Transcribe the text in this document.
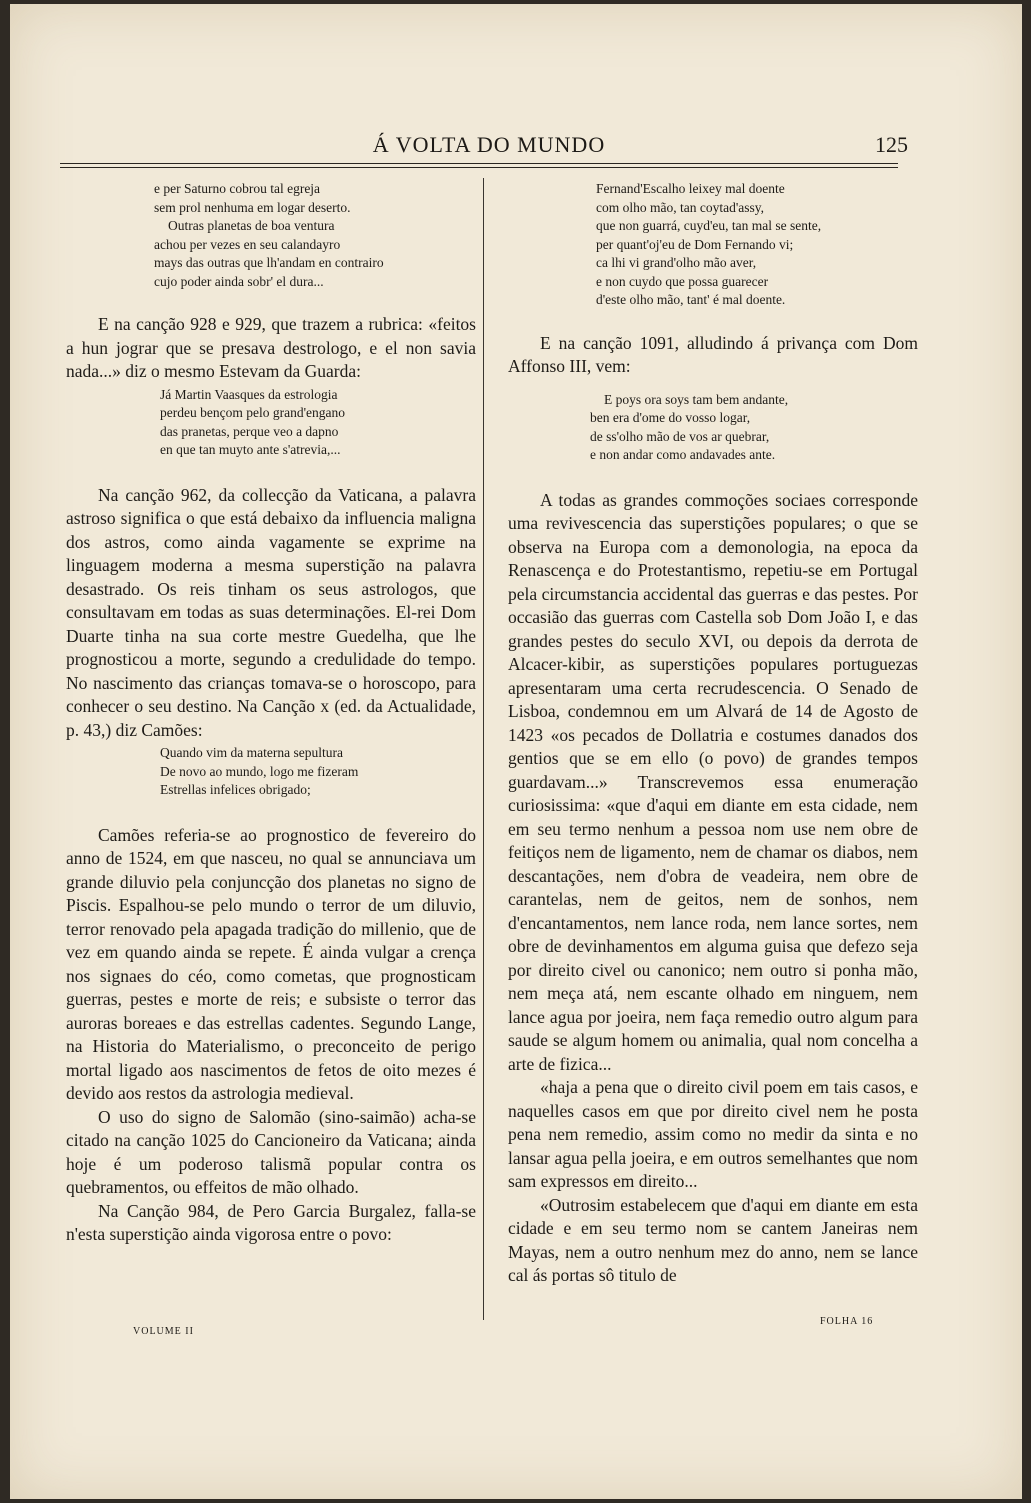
Á VOLTA DO MUNDO	125
e per Saturno cobrou tal egreja
sem prol nenhuma em logar deserto.
Outras planetas de boa ventura
achou per vezes en seu calandayro
mays das outras que lh'andam en contrairo
cujo poder ainda sobr' el dura...

E na canção 928 e 929, que trazem a rubrica: «feitos a hun jograr que se presava destrologo, e el non savia nada...» diz o mesmo Estevam da Guarda:

Já Martin Vaasques da estrologia
perdeu bençom pelo grand'engano
das pranetas, perque veo a dapno
en que tan muyto ante s'atrevia,...

Na canção 962, da collecção da Vaticana, a palavra astroso significa o que está debaixo da influencia maligna dos astros, como ainda vagamente se exprime na linguagem moderna a mesma superstição na palavra desastrado. Os reis tinham os seus astrologos, que consultavam em todas as suas determinações. El-rei Dom Duarte tinha na sua corte mestre Guedelha, que lhe prognosticou a morte, segundo a credulidade do tempo. No nascimento das crianças tomava-se o horoscopo, para conhecer o seu destino. Na Canção x (ed. da Actualidade, p. 43,) diz Camões:

Quando vim da materna sepultura
De novo ao mundo, logo me fizeram
Estrellas infelices obrigado;

Camões referia-se ao prognostico de fevereiro do anno de 1524, em que nasceu, no qual se annunciava um grande diluvio pela conjuncção dos planetas no signo de Piscis. Espalhou-se pelo mundo o terror de um diluvio, terror renovado pela apagada tradição do millenio, que de vez em quando ainda se repete. É ainda vulgar a crença nos signaes do céo, como cometas, que prognosticam guerras, pestes e morte de reis; e subsiste o terror das auroras boreaes e das estrellas cadentes. Segundo Lange, na Historia do Materialismo, o preconceito de perigo mortal ligado aos nascimentos de fetos de oito mezes é devido aos restos da astrologia medieval.

O uso do signo de Salomão (sino-saimão) acha-se citado na canção 1025 do Cancioneiro da Vaticana; ainda hoje é um poderoso talismã popular contra os quebramentos, ou effeitos de mão olhado.

Na Canção 984, de Pero Garcia Burgalez, falla-se n'esta superstição ainda vigorosa entre o povo:

Fernand'Escalho leixey mal doente
com olho mão, tan coytad'assy,
que non guarrá, cuyd'eu, tan mal se sente,
per quant'oj'eu de Dom Fernando vi;
ca lhi vi grand'olho mão aver,
e non cuydo que possa guarecer
d'este olho mão, tant' é mal doente.

E na canção 1091, alludindo á privança com Dom Affonso III, vem:

E poys ora soys tam bem andante,
ben era d'ome do vosso logar,
de ss'olho mão de vos ar quebrar,
e non andar como andavades ante.

A todas as grandes commoções sociaes corresponde uma revivescencia das superstições populares; o que se observa na Europa com a demonologia, na epoca da Renascença e do Protestantismo, repetiu-se em Portugal pela circumstancia accidental das guerras e das pestes. Por occasião das guerras com Castella sob Dom João I, e das grandes pestes do seculo XVI, ou depois da derrota de Alcacer-kibir, as superstições populares portuguezas apresentaram uma certa recrudescencia. O Senado de Lisboa, condemnou em um Alvará de 14 de Agosto de 1423 «os pecados de Dollatria e costumes danados dos gentios que se em ello (o povo) de grandes tempos guardavam...» Transcrevemos essa enumeração curiosissima: «que d'aqui em diante em esta cidade, nem em seu termo nenhum a pessoa nom use nem obre de feitiços nem de ligamento, nem de chamar os diabos, nem descantações, nem d'obra de veadeira, nem obre de carantelas, nem de geitos, nem de sonhos, nem d'encantamentos, nem lance roda, nem lance sortes, nem obre de devinhamentos em alguma guisa que defezo seja por direito civel ou canonico; nem outro si ponha mão, nem meça atá, nem escante olhado em ninguem, nem lance agua por joeira, nem faça remedio outro algum para saude se algum homem ou animalia, qual nom concelha a arte de fizica...

«haja a pena que o direito civil poem em tais casos, e naquelles casos em que por direito civel nem he posta pena nem remedio, assim como no medir da sinta e no lansar agua pella joeira, e em outros semelhantes que nom sam expressos em direito...

«Outrosim estabelecem que d'aqui em diante em esta cidade e em seu termo nom se cantem Janeiras nem Mayas, nem a outro nenhum mez do anno, nem se lance cal ás portas sô titulo de

VOLUME II
FOLHA 16
